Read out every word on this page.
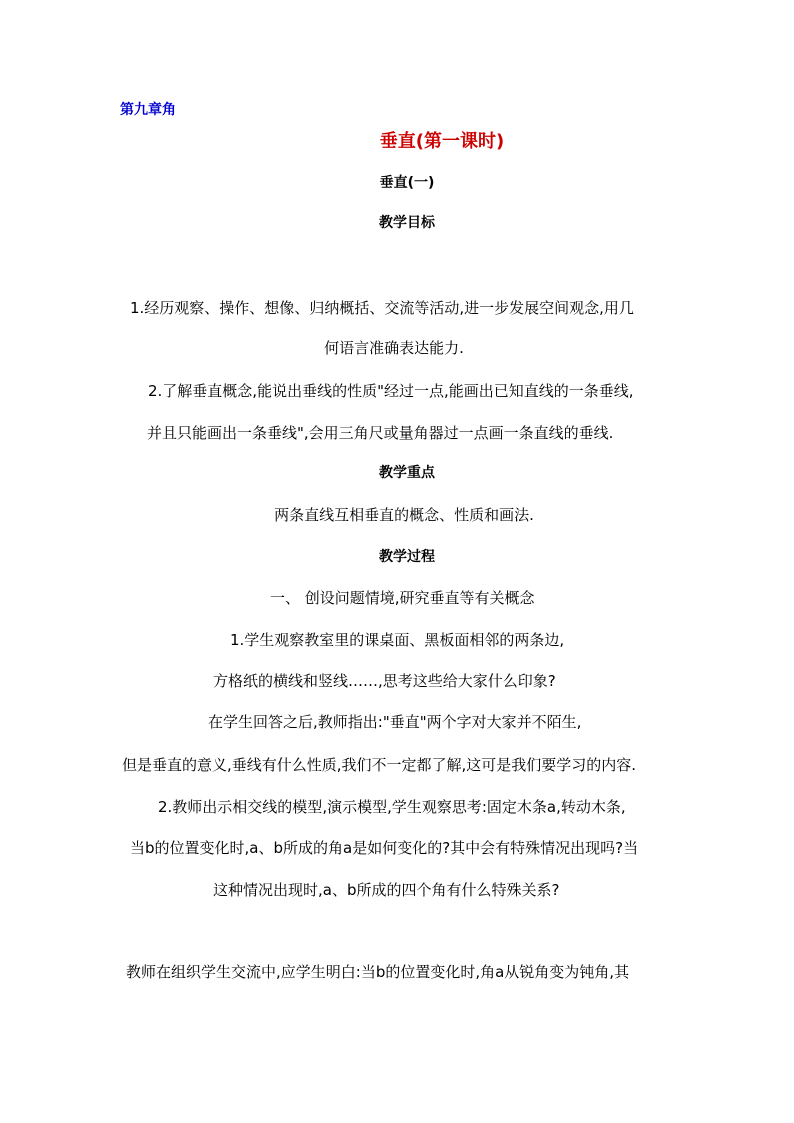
第九章角
垂直(第一课时)
垂直(一)
教学目标
1.经历观察、操作、想像、归纳概括、交流等活动,进一步发展空间观念,用几
何语言准确表达能力.
2.了解垂直概念,能说出垂线的性质"经过一点,能画出已知直线的一条垂线,
并且只能画出一条垂线",会用三角尺或量角器过一点画一条直线的垂线.
教学重点
两条直线互相垂直的概念、性质和画法.
教学过程
一、 创设问题情境,研究垂直等有关概念
1.学生观察教室里的课桌面、黑板面相邻的两条边,
方格纸的横线和竖线……,思考这些给大家什么印象?
在学生回答之后,教师指出:"垂直"两个字对大家并不陌生,
但是垂直的意义,垂线有什么性质,我们不一定都了解,这可是我们要学习的内容.
2.教师出示相交线的模型,演示模型,学生观察思考:固定木条a,转动木条,
当b的位置变化时,a、b所成的角a是如何变化的?其中会有特殊情况出现吗?当
这种情况出现时,a、b所成的四个角有什么特殊关系?
教师在组织学生交流中,应学生明白:当b的位置变化时,角a从锐角变为钝角,其
